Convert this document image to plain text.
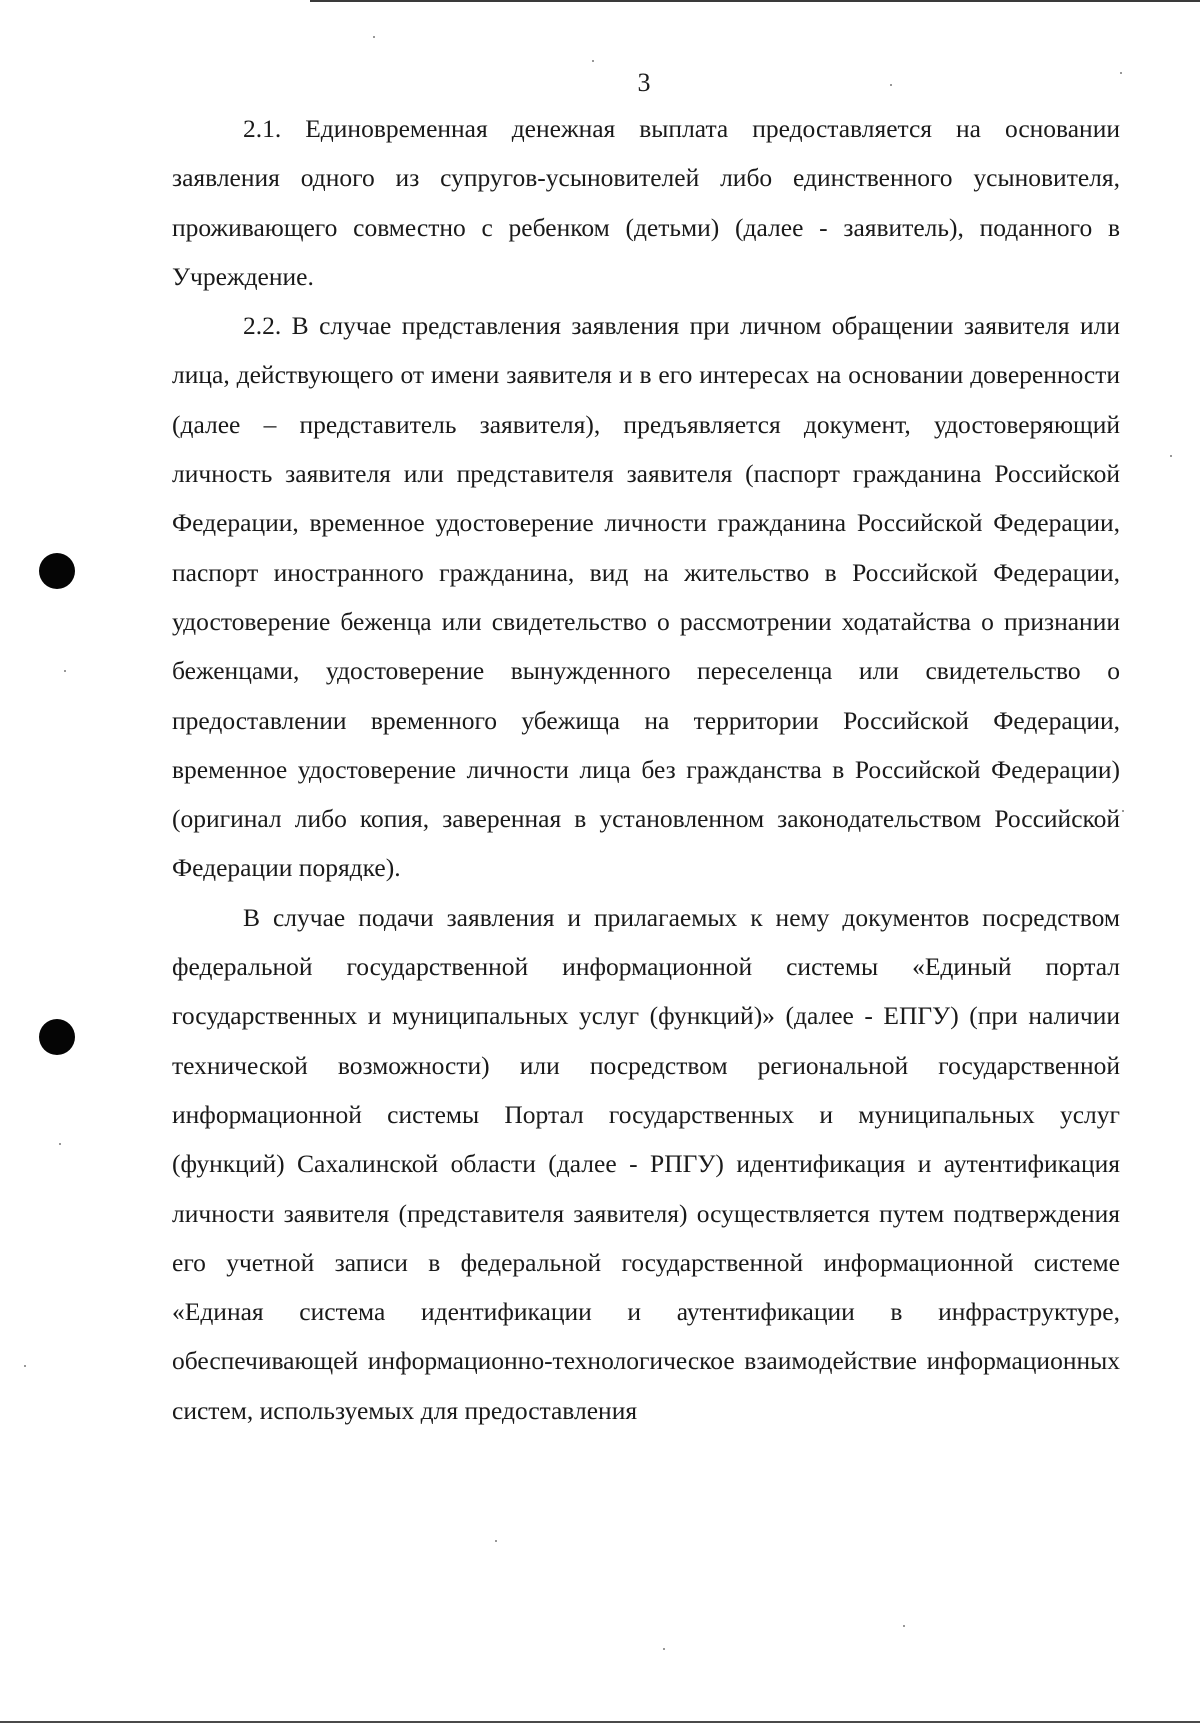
3

2.1. Единовременная денежная выплата предоставляется на основании заявления одного из супругов-усыновителей либо единственного усыновителя, проживающего совместно с ребенком (детьми) (далее - заявитель), поданного в Учреждение.

2.2. В случае представления заявления при личном обращении заявителя или лица, действующего от имени заявителя и в его интересах на основании доверенности (далее – представитель заявителя), предъявляется документ, удостоверяющий личность заявителя или представителя заявителя (паспорт гражданина Российской Федерации, временное удостоверение личности гражданина Российской Федерации, паспорт иностранного гражданина, вид на жительство в Российской Федерации, удостоверение беженца или свидетельство о рассмотрении ходатайства о признании беженцами, удостоверение вынужденного переселенца или свидетельство о предоставлении временного убежища на территории Российской Федерации, временное удостоверение личности лица без гражданства в Российской Федерации) (оригинал либо копия, заверенная в установленном законодательством Российской Федерации порядке).

В случае подачи заявления и прилагаемых к нему документов посредством федеральной государственной информационной системы «Единый портал государственных и муниципальных услуг (функций)» (далее - ЕПГУ) (при наличии технической возможности) или посредством региональной государственной информационной системы Портал государственных и муниципальных услуг (функций) Сахалинской области (далее - РПГУ) идентификация и аутентификация личности заявителя (представителя заявителя) осуществляется путем подтверждения его учетной записи в федеральной государственной информационной системе «Единая система идентификации и аутентификации в инфраструктуре, обеспечивающей информационно-технологическое взаимодействие информационных систем, используемых для предоставления
